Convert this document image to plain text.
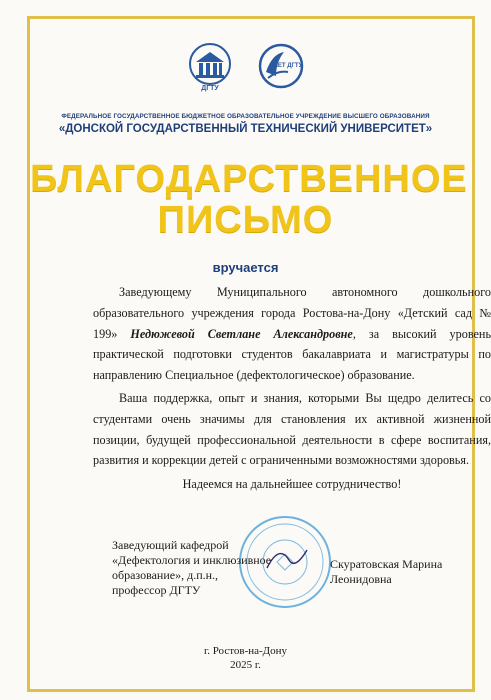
ДГТУ
ЛЕТ ДГТУ
ФЕДЕРАЛЬНОЕ ГОСУДАРСТВЕННОЕ БЮДЖЕТНОЕ ОБРАЗОВАТЕЛЬНОЕ УЧРЕЖДЕНИЕ ВЫСШЕГО ОБРАЗОВАНИЯ
«ДОНСКОЙ ГОСУДАРСТВЕННЫЙ ТЕХНИЧЕСКИЙ УНИВЕРСИТЕТ»
БЛАГОДАРСТВЕННОЕ
ПИСЬМО
вручается
Заведующему Муниципального автономного дошкольного образовательного учреждения города Ростова-на-Дону «Детский сад № 199» Недюжевой Светлане Александровне, за высокий уровень практической подготовки студентов бакалавриата и магистратуры по направлению Специальное (дефектологическое) образование.
Ваша поддержка, опыт и знания, которыми Вы щедро делитесь со студентами очень значимы для становления их активной жизненной позиции, будущей профессиональной деятельности в сфере воспитания, развития и коррекции детей с ограниченными возможностями здоровья.
Надеемся на дальнейшее сотрудничество!
Заведующий кафедрой
«Дефектология и инклюзивное
образование», д.п.н.,
профессор ДГТУ
Скуратовская Марина
Леонидовна
г. Ростов-на-Дону
2025 г.
